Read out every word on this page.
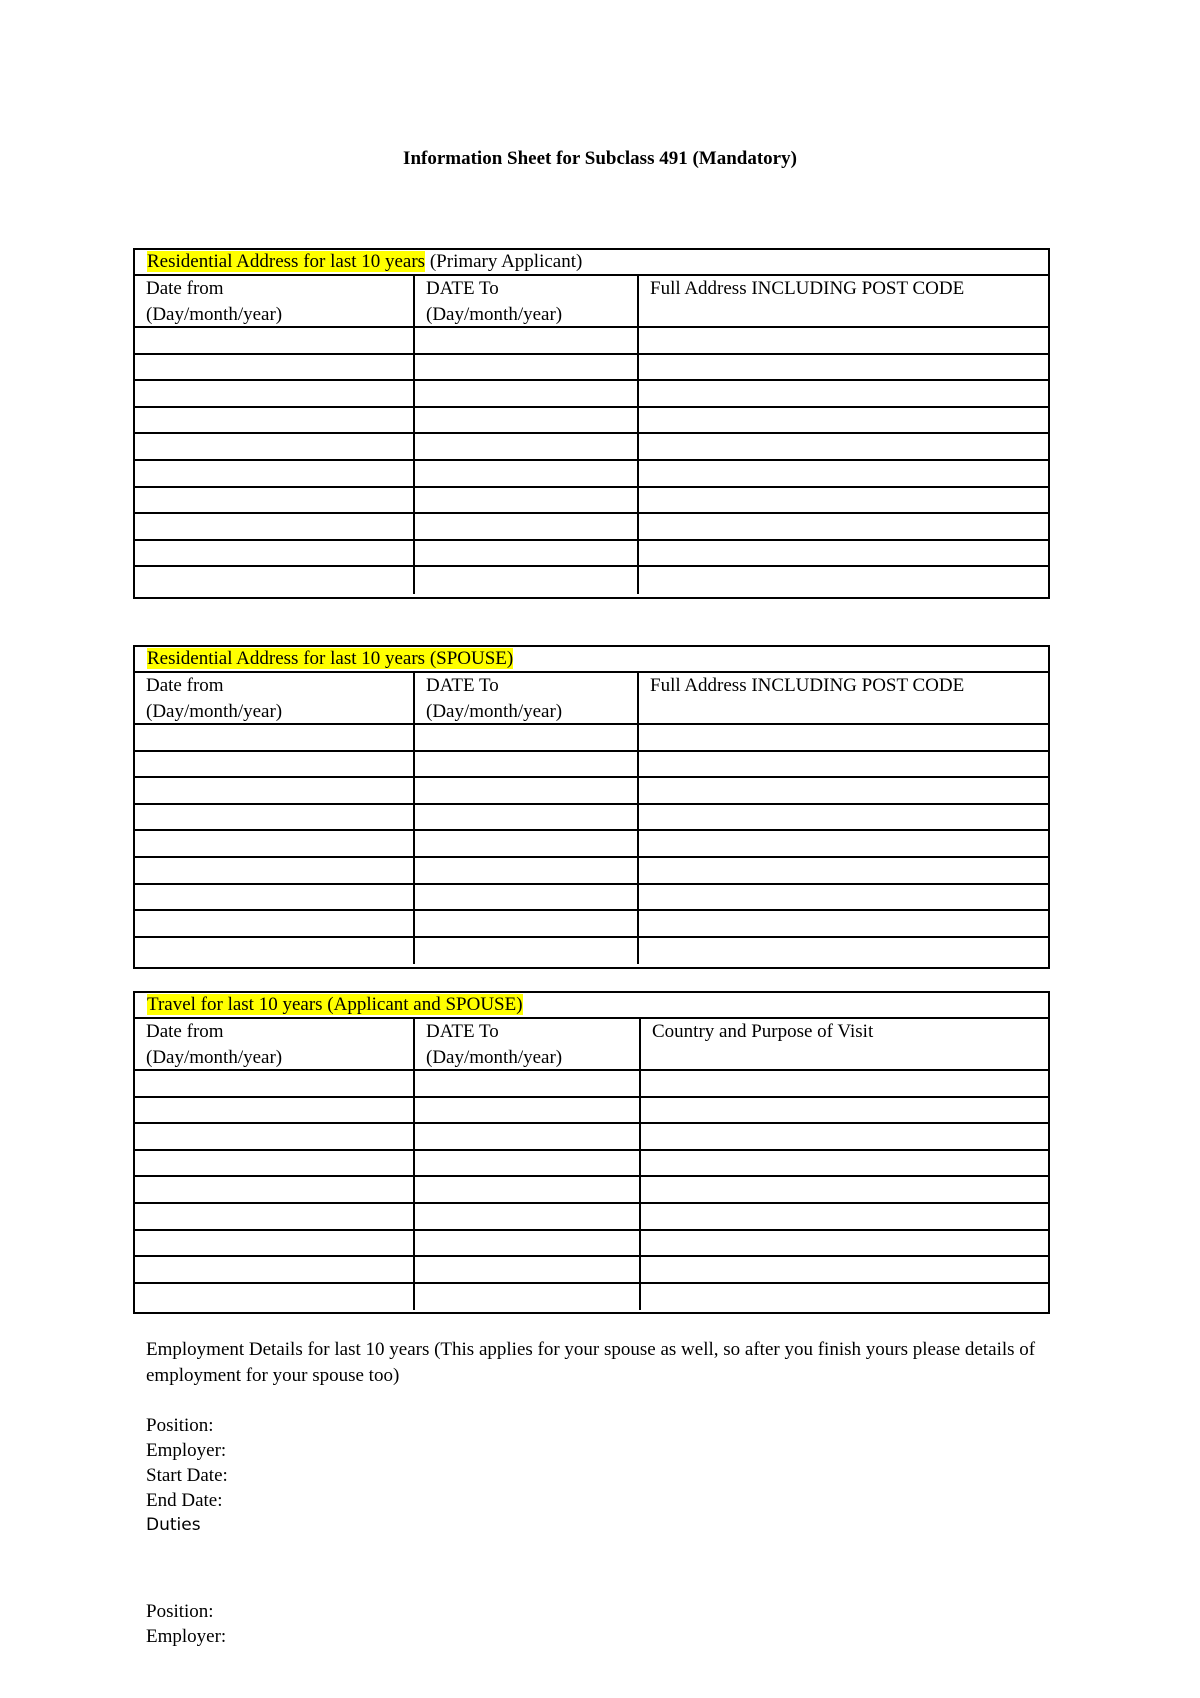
Information Sheet for Subclass 491 (Mandatory)
Residential Address for last 10 years (Primary Applicant)
Date from
(Day/month/year)
DATE To
(Day/month/year)
Full Address INCLUDING POST CODE
Residential Address for last 10 years (SPOUSE)
Date from
(Day/month/year)
DATE To
(Day/month/year)
Full Address INCLUDING POST CODE
Travel for last 10 years (Applicant and SPOUSE)
Date from
(Day/month/year)
DATE To
(Day/month/year)
Country and Purpose of Visit

Employment Details for last 10 years (This applies for your spouse as well, so after you finish yours please details of employment for your spouse too)

Position:
Employer:
Start Date:
End Date:
Duties
Position:
Employer:
